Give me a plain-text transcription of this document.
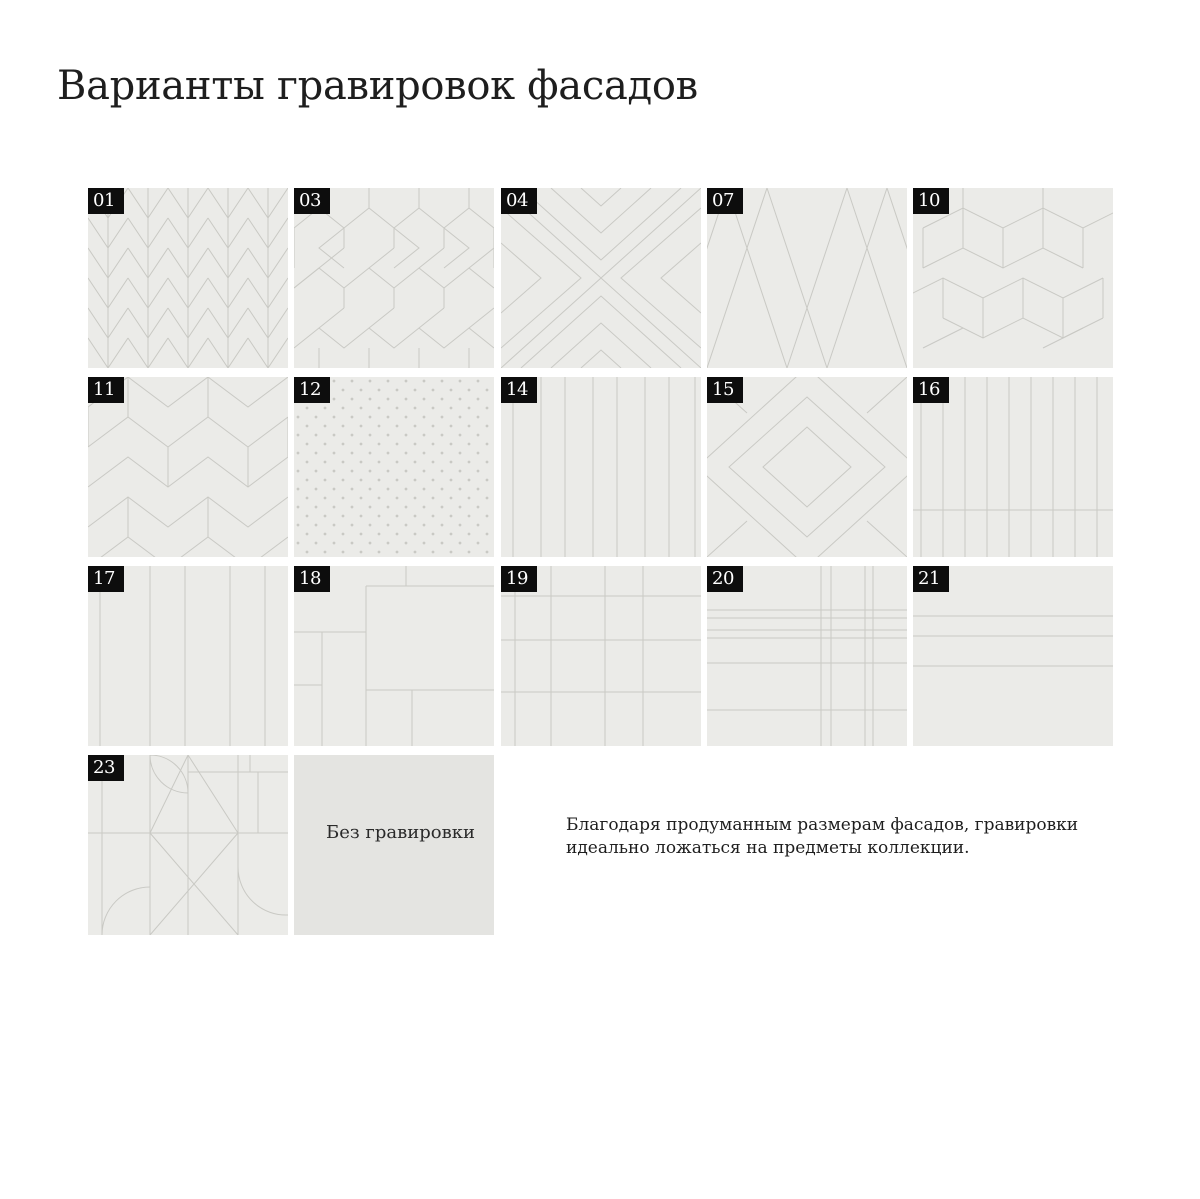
Варианты гравировок фасадов
01	03	04	07	10
11	12	14	15	16
17	18	19	20	21
23
Без гравировки	Благодаря продуманным размерам фасадов, гравировки идеально ложаться на предметы коллекции.
